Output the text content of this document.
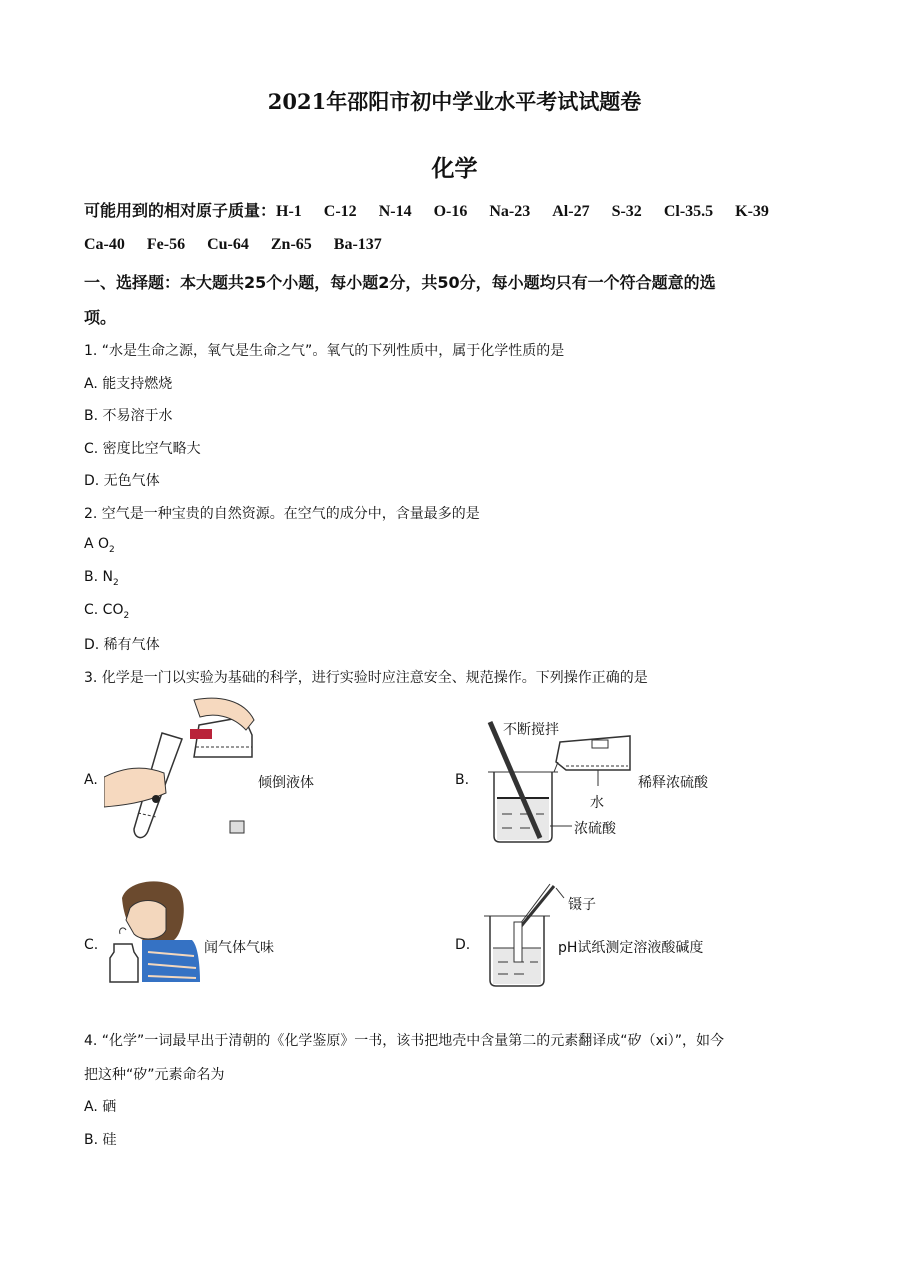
2021年邵阳市初中学业水平考试试题卷
化学
可能用到的相对原子质量：H-1 C-12 N-14 O-16 Na-23 Al-27 S-32 Cl-35.5 K-39
Ca-40 Fe-56 Cu-64 Zn-65 Ba-137
一、选择题：本大题共25个小题，每小题2分，共50分，每小题均只有一个符合题意的选
项。
1. “水是生命之源，氧气是生命之气”。氧气的下列性质中，属于化学性质的是
A. 能支持燃烧
B. 不易溶于水
C. 密度比空气略大
D. 无色气体
2. 空气是一种宝贵的自然资源。在空气的成分中，含量最多的是
A $O_2$
B. $N_2$
C. $CO_2$
D. 稀有气体
3. 化学是一门以实验为基础的科学，进行实验时应注意安全、规范操作。下列操作正确的是
A.	倾倒液体	B.
不断搅拌
稀释浓硫酸
水
浓硫酸
C.	闻气体气味	D.
镊子
pH试纸测定溶液酸碱度
4. “化学”一词最早出于清朝的《化学鉴原》一书，该书把地壳中含量第二的元素翻译成“矽（xi）”，如今
把这种“矽”元素命名为
A. 硒
B. 硅
